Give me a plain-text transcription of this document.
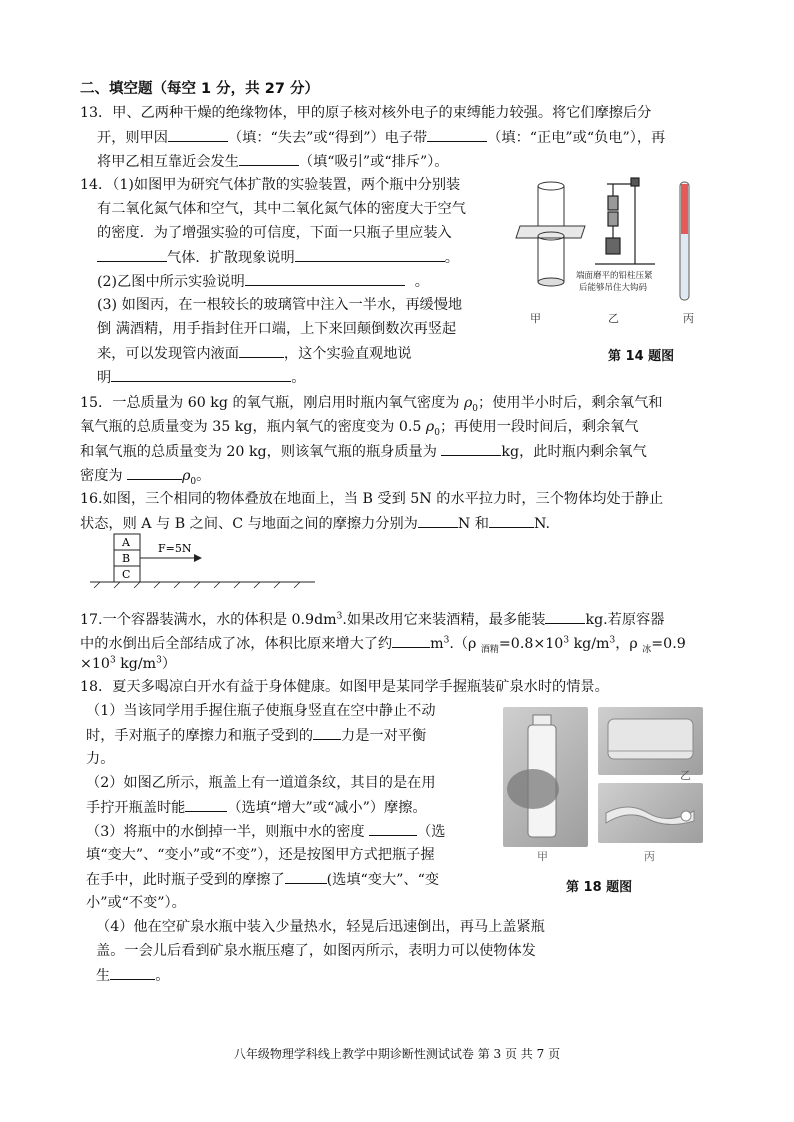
二、填空题（每空 1 分，共 27 分）
13．甲、乙两种干燥的绝缘物体，甲的原子核对核外电子的束缚能力较强。将它们摩擦后分
开，则甲因	（填：“失去”或“得到”）电子带	（填：“正电”或“负电”），再
将甲乙相互靠近会发生	（填“吸引”或“排斥”）。
14．（1)如图甲为研究气体扩散的实验装置，两个瓶中分别装
有二氧化氮气体和空气，其中二氧化氮气体的密度大于空气
的密度．为了增强实验的可信度，下面一只瓶子里应装入
气体．扩散现象说明	。
(2)乙图中所示实验说明	。
(3) 如图丙，在一根较长的玻璃管中注入一半水，再缓慢地
倒 满酒精，用手指封住开口端，上下来回颠倒数次再竖起
来，可以发现管内液面	，这个实验直观地说
明	。
端面磨平的铅柱压紧
后能够吊住大钩码
甲	乙	丙
第 14 题图
15．一总质量为 60 kg 的氧气瓶，刚启用时瓶内氧气密度为 $\rho_0$；使用半小时后，剩余氧气和
氧气瓶的总质量变为 35 kg，瓶内氧气的密度变为 0.5 $\rho_0$；再使用一段时间后，剩余氧气
和氧气瓶的总质量变为 20 kg，则该氧气瓶的瓶身质量为	kg，此时瓶内剩余氧气
密度为	$\rho_0$。
16.如图，三个相同的物体叠放在地面上，当 B 受到 5N 的水平拉力时，三个物体均处于静止
状态，则 A 与 B 之间、C 与地面之间的摩擦力分别为	N 和	N.
A
B
C
F=5N
17.一个容器装满水，水的体积是 $0.9dm^3$.如果改用它来装酒精，最多能装	kg.若原容器
中的水倒出后全部结成了冰，体积比原来增大了约	$m^3.(\rho$ $_{酒精}=0.8\times 10^3$ $kg/m^3$，ρ $_冰$=0.9
$\times 10^3$ $kg/m^3$）
18．夏天多喝凉白开水有益于身体健康。如图甲是某同学手握瓶装矿泉水时的情景。
（1）当该同学用手握住瓶子使瓶身竖直在空中静止不动
时，手对瓶子的摩擦力和瓶子受到的 力是一对平衡
力。
（2）如图乙所示，瓶盖上有一道道条纹，其目的是在用
手拧开瓶盖时能	（选填“增大”或“减小”）摩擦。
（3）将瓶中的水倒掉一半，则瓶中水的密度	（选
填“变大”、“变小”或“不变”），还是按图甲方式把瓶子握
在手中，此时瓶子受到的摩擦了	(选填“变大”、“变
小”或“不变”）。
（4）他在空矿泉水瓶中装入少量热水，轻晃后迅速倒出，再马上盖紧瓶
盖。一会儿后看到矿泉水瓶压瘪了，如图丙所示，表明力可以使物体发
生	。
乙
甲	丙
第 18 题图
八年级物理学科线上教学中期诊断性测试试卷 第 3 页 共 7 页
